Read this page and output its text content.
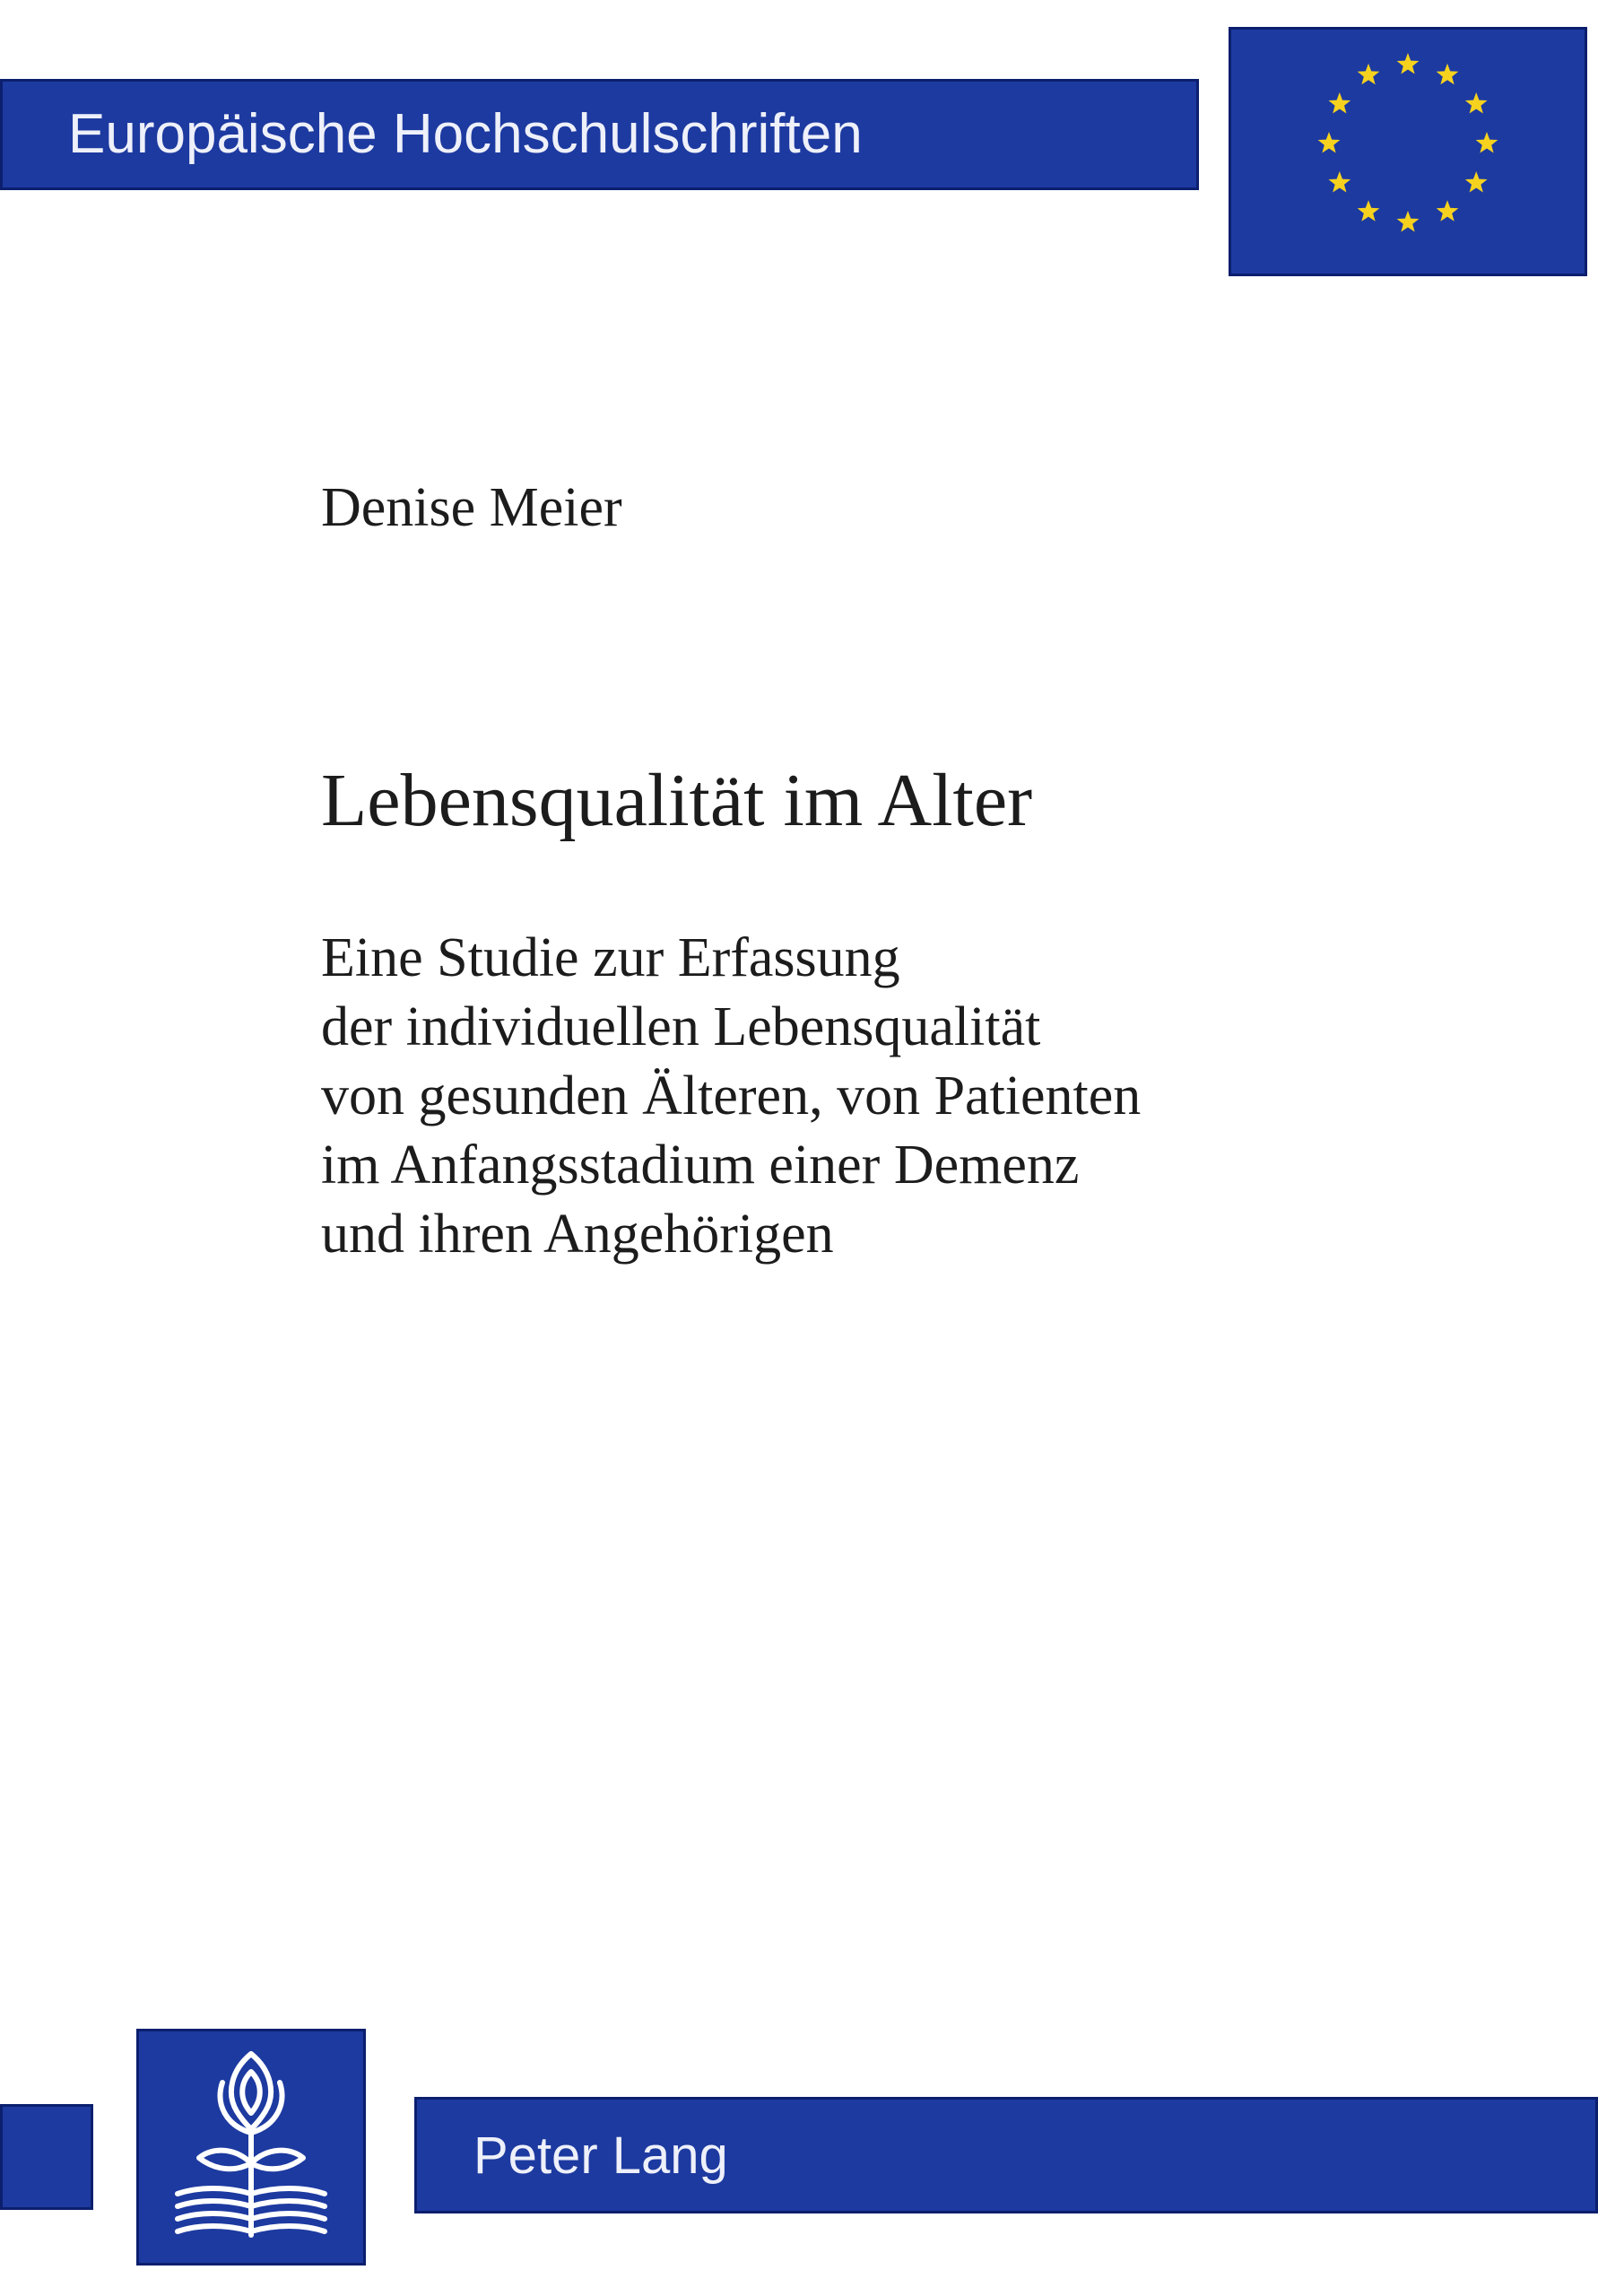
Europäische Hochschulschriften
Denise Meier
Lebensqualität im Alter
Eine Studie zur Erfassung
der individuellen Lebensqualität
von gesunden Älteren, von Patienten
im Anfangsstadium einer Demenz
und ihren Angehörigen
Peter Lang
